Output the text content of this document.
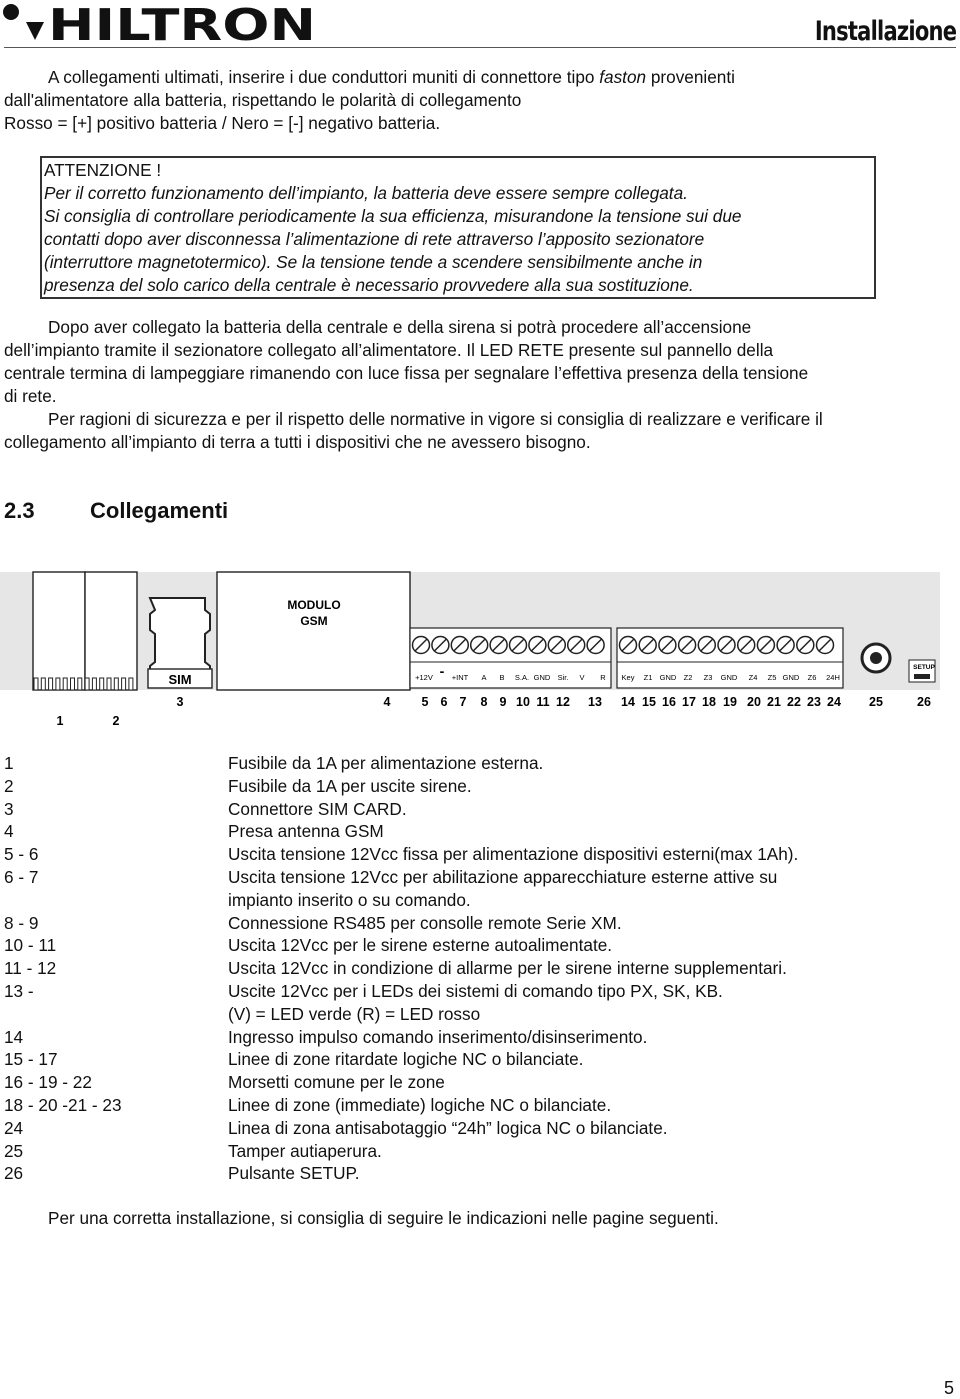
HILTRON	Installazione
A collegamenti ultimati, inserire i due conduttori muniti di connettore tipo faston provenienti
dall'alimentatore alla batteria, rispettando le polarità di collegamento
Rosso = [+] positivo batteria / Nero = [-] negativo batteria.

ATTENZIONE !

Per il corretto funzionamento dell’impianto, la batteria deve essere sempre collegata.

Si consiglia di controllare periodicamente la sua efficienza, misurandone la tensione sui due

contatti dopo aver disconnessa l’alimentazione di rete attraverso l’apposito sezionatore

(interruttore magnetotermico). Se la tensione tende a scendere sensibilmente anche in

presenza del solo carico della centrale è necessario provvedere alla sua sostituzione.

Dopo aver collegato la batteria della centrale e della sirena si potrà procedere all’accensione
dell’impianto tramite il sezionatore collegato all’alimentatore. Il LED RETE presente sul pannello della
centrale termina di lampeggiare rimanendo con luce fissa per segnalare l’effettiva presenza della tensione
di rete.
Per ragioni di sicurezza e per il rispetto delle normative in vigore si consiglia di realizzare e verificare il
collegamento all’impianto di terra a tutti i dispositivi che ne avessero bisogno.
2.3	Collegamenti
SIM
MODULO
GSM
+12V - +INT A B S.A. GND Sir. V R Key Z1 GND Z2 Z3 GND Z4 Z5 GND Z6 24H
SETUP
1	2
3	4 5 6 7 8 9 10 11 12 13 14 15 16 17 18 19 20 21 22 23 24 25	26
1	Fusibile da 1A per alimentazione esterna.
2	Fusibile da 1A per uscite sirene.
3	Connettore SIM CARD.
4	Presa antenna GSM
5 - 6	Uscita tensione 12Vcc fissa per alimentazione dispositivi esterni(max 1Ah).
6 - 7	Uscita tensione 12Vcc per abilitazione apparecchiature esterne attive su
impianto inserito o su comando.
8 - 9	Connessione RS485 per consolle remote Serie XM.
10 - 11	Uscita 12Vcc per le sirene esterne autoalimentate.
11 - 12	Uscita 12Vcc in condizione di allarme per le sirene interne supplementari.
13 -	Uscite 12Vcc per i LEDs dei sistemi di comando tipo PX, SK, KB.
(V) = LED verde (R) = LED rosso
14	Ingresso impulso comando inserimento/disinserimento.
15 - 17	Linee di zone ritardate logiche NC o bilanciate.
16 - 19 - 22	Morsetti comune per le zone
18 - 20 -21 - 23	Linee di zone (immediate) logiche NC o bilanciate.
24	Linea di zona antisabotaggio “24h” logica NC o bilanciate.
25	Tamper autiaperura.
26	Pulsante SETUP.
Per una corretta installazione, si consiglia di seguire le indicazioni nelle pagine seguenti.
5
